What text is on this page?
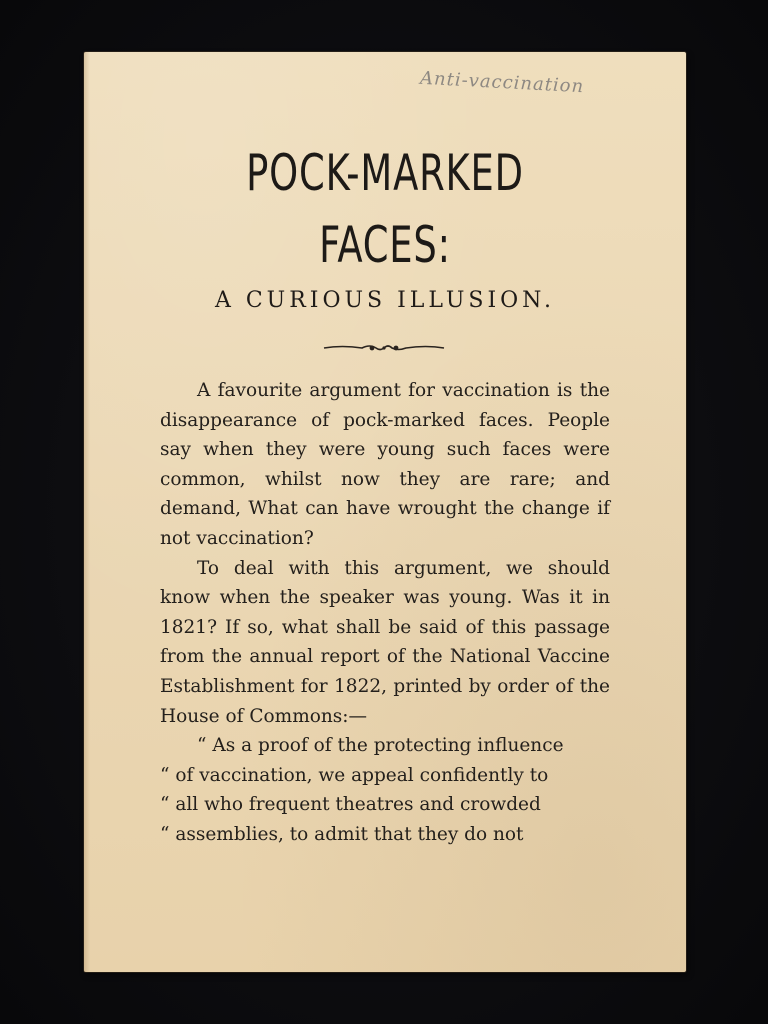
Anti-vaccination
POCK-MARKED
FACES:
A CURIOUS ILLUSION.

A favourite argument for vaccination is the disappearance of pock-marked faces. People say when they were young such faces were common, whilst now they are rare; and demand, What can have wrought the change if not vaccination?

To deal with this argument, we should know when the speaker was young. Was it in 1821? If so, what shall be said of this passage from the annual report of the National Vaccine Establishment for 1822, printed by order of the House of Commons:—

“ As a proof of the protecting influence
“ of vaccination, we appeal confidently to
“ all who frequent theatres and crowded
“ assemblies, to admit that they do not
